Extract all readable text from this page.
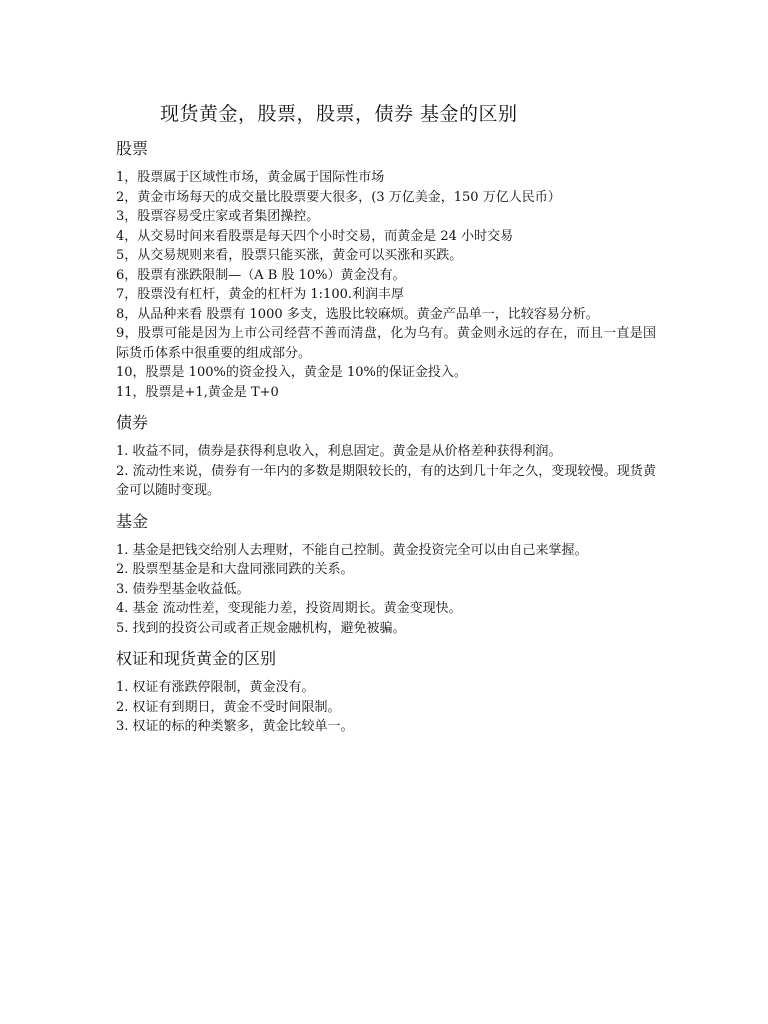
现货黄金，股票，股票，债券 基金的区别
股票

1，股票属于区域性市场，黄金属于国际性市场

2，黄金市场每天的成交量比股票要大很多，(3 万亿美金，150 万亿人民币）

3，股票容易受庄家或者集团操控。

4，从交易时间来看股票是每天四个小时交易，而黄金是 24 小时交易

5，从交易规则来看，股票只能买涨，黄金可以买涨和买跌。

6，股票有涨跌限制—（A B 股 10%）黄金没有。

7，股票没有杠杆，黄金的杠杆为 1:100.利润丰厚

8，从品种来看 股票有 1000 多支，选股比较麻烦。黄金产品单一，比较容易分析。

9，股票可能是因为上市公司经营不善而清盘，化为乌有。黄金则永远的存在，而且一直是国际货币体系中很重要的组成部分。

10，股票是 100%的资金投入，黄金是 10%的保证金投入。

11，股票是+1,黄金是 T+0

债券

1. 收益不同，债券是获得利息收入，利息固定。黄金是从价格差种获得利润。

2. 流动性来说，债券有一年内的多数是期限较长的，有的达到几十年之久，变现较慢。现货黄金可以随时变现。

基金

1. 基金是把钱交给别人去理财，不能自己控制。黄金投资完全可以由自己来掌握。

2. 股票型基金是和大盘同涨同跌的关系。

3. 债券型基金收益低。

4. 基金 流动性差，变现能力差，投资周期长。黄金变现快。

5. 找到的投资公司或者正规金融机构，避免被骗。

权证和现货黄金的区别

1. 权证有涨跌停限制，黄金没有。

2. 权证有到期日，黄金不受时间限制。

3. 权证的标的种类繁多，黄金比较单一。
